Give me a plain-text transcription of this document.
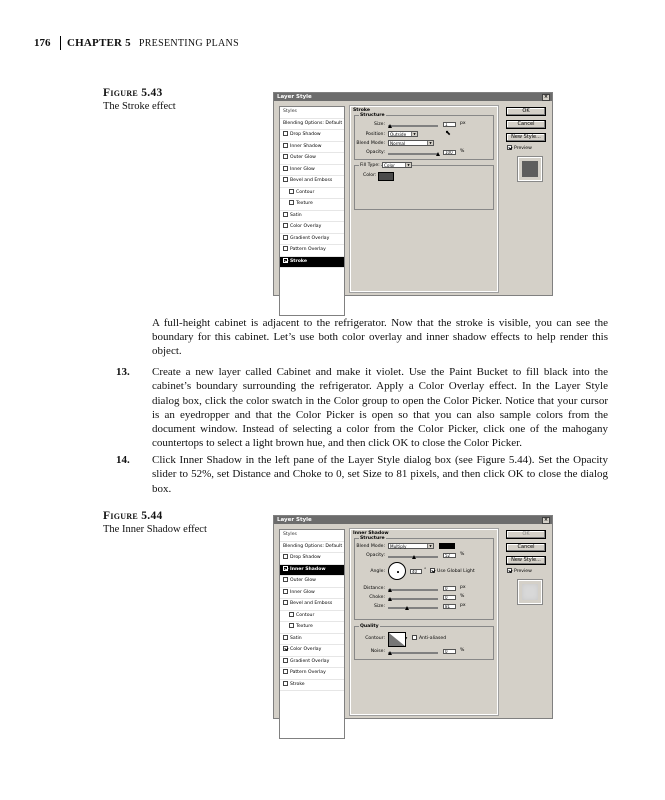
176	CHAPTER 5 PRESENTING PLANS
Figure 5.43
The Stroke effect
Layer Style	×
Styles
Blending Options: Default
Drop Shadow
Inner Shadow
Outer Glow
Inner Glow
Bevel and Emboss
Contour
Texture
Satin
Color Overlay
Gradient Overlay
Pattern Overlay
Stroke
Stroke
Structure
Size:	1	px
Position:	Outside	▼	⬉
Blend Mode:	Normal	▼
Opacity:	100	%
Fill Type:	Color	▼
Color:
OK
Cancel
New Style...
Preview
A full-height cabinet is adjacent to the refrigerator. Now that the stroke is visible, you can see the boundary for this cabinet. Let’s use both color overlay and inner shadow effects to help render this object.
13.	Create a new layer called Cabinet and make it violet. Use the Paint Bucket to fill black into the cabinet’s boundary surrounding the refrigerator. Apply a Color Overlay effect. In the Layer Style dialog box, click the color swatch in the Color group to open the Color Picker. Notice that your cursor is an eyedropper and that the Color Picker is open so that you can also sample colors from the document window. Instead of selecting a color from the Color Picker, click one of the mahogany countertops to select a light brown hue, and then click OK to close the Color Picker.
14.	Click Inner Shadow in the left pane of the Layer Style dialog box (see Figure 5.44). Set the Opacity slider to 52%, set Distance and Choke to 0, set Size to 81 pixels, and then click OK to close the dialog box.
Figure 5.44
The Inner Shadow effect
Layer Style	×
Styles
Blending Options: Default
Drop Shadow
Inner Shadow
Outer Glow
Inner Glow
Bevel and Emboss
Contour
Texture
Satin
Color Overlay
Gradient Overlay
Pattern Overlay
Stroke
Inner Shadow
Structure
Blend Mode:	Multiply	▼
Opacity:	52	%
Angle:	40	°	Use Global Light
Distance:	0	px
Choke:	0	%
Size:	81	px
Quality
Contour:	▼	Anti-aliased
Noise:	0	%
OK
Cancel
New Style...
Preview
